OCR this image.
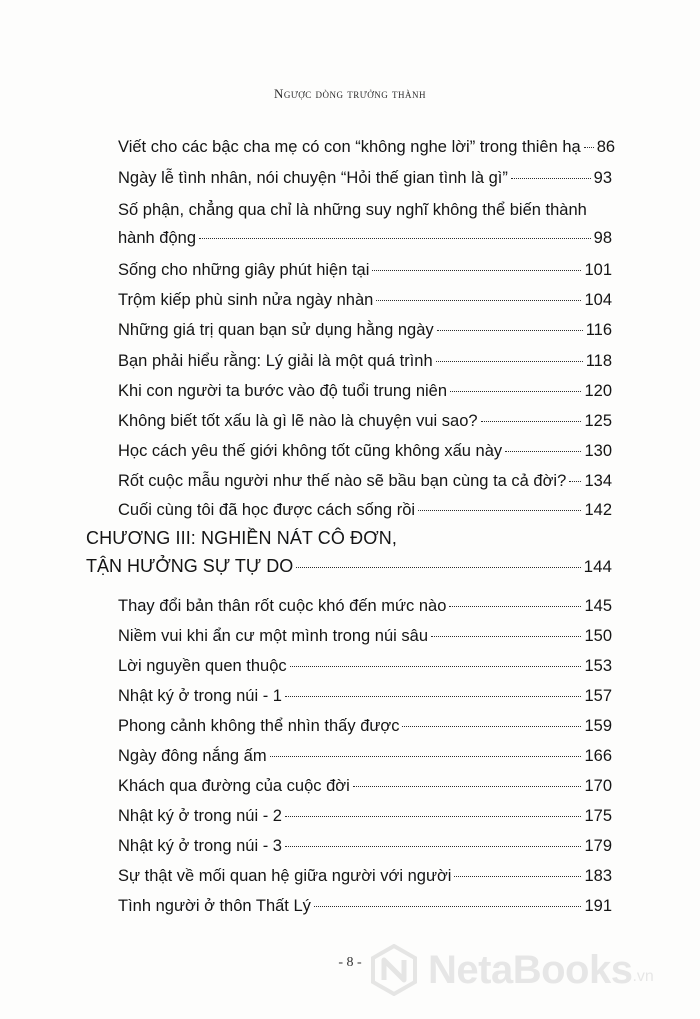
Ngược dòng trưởng thành
Viết cho các bậc cha mẹ có con “không nghe lời” trong thiên hạ 86
Ngày lễ tình nhân, nói chuyện “Hỏi thế gian tình là gì”	93
Số phận, chẳng qua chỉ là những suy nghĩ không thể biến thành
hành động	98
Sống cho những giây phút hiện tại	101
Trộm kiếp phù sinh nửa ngày nhàn	104
Những giá trị quan bạn sử dụng hằng ngày	116
Bạn phải hiểu rằng: Lý giải là một quá trình	118
Khi con người ta bước vào độ tuổi trung niên	120
Không biết tốt xấu là gì lẽ nào là chuyện vui sao?	125
Học cách yêu thế giới không tốt cũng không xấu này	130
Rốt cuộc mẫu người như thế nào sẽ bầu bạn cùng ta cả đời? 134
Cuối cùng tôi đã học được cách sống rồi	142
CHƯƠNG III: NGHIỀN NÁT CÔ ĐƠN,
TẬN HƯỞNG SỰ TỰ DO	144
Thay đổi bản thân rốt cuộc khó đến mức nào	145
Niềm vui khi ẩn cư một mình trong núi sâu	150
Lời nguyền quen thuộc	153
Nhật ký ở trong núi - 1	157
Phong cảnh không thể nhìn thấy được	159
Ngày đông nắng ấm	166
Khách qua đường của cuộc đời	170
Nhật ký ở trong núi - 2	175
Nhật ký ở trong núi - 3	179
Sự thật về mối quan hệ giữa người với người	183
Tình người ở thôn Thất Lý	191
- 8 -	NetaBooks .vn
